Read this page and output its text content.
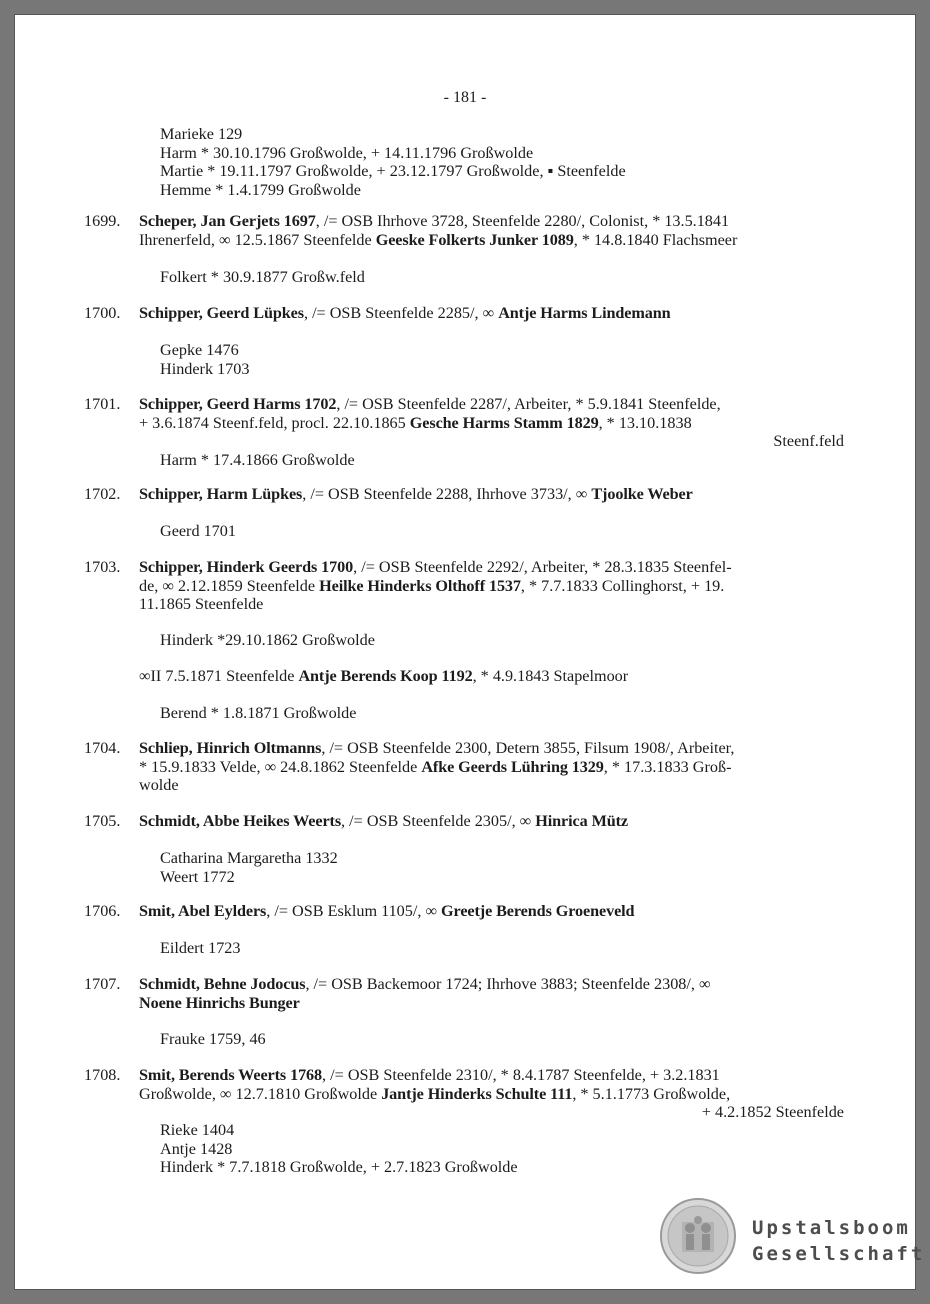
- 181 -
Marieke 129
Harm * 30.10.1796 Großwolde, + 14.11.1796 Großwolde
Martie * 19.11.1797 Großwolde, + 23.12.1797 Großwolde, ▪ Steenfelde
Hemme * 1.4.1799 Großwolde
1699. Scheper, Jan Gerjets 1697, /= OSB Ihrhove 3728, Steenfelde 2280/, Colonist, * 13.5.1841
Ihrenerfeld, ∞ 12.5.1867 Steenfelde Geeske Folkerts Junker 1089, * 14.8.1840 Flachsmeer
Folkert * 30.9.1877 Großw.feld
1700. Schipper, Geerd Lüpkes, /= OSB Steenfelde 2285/, ∞ Antje Harms Lindemann
Gepke 1476
Hinderk 1703
1701. Schipper, Geerd Harms 1702, /= OSB Steenfelde 2287/, Arbeiter, * 5.9.1841 Steenfelde,
+ 3.6.1874 Steenf.feld, procl. 22.10.1865 Gesche Harms Stamm 1829, * 13.10.1838
Steenf.feld
Harm * 17.4.1866 Großwolde
1702. Schipper, Harm Lüpkes, /= OSB Steenfelde 2288, Ihrhove 3733/, ∞ Tjoolke Weber
Geerd 1701
1703. Schipper, Hinderk Geerds 1700, /= OSB Steenfelde 2292/, Arbeiter, * 28.3.1835 Steenfel-
de, ∞ 2.12.1859 Steenfelde Heilke Hinderks Olthoff 1537, * 7.7.1833 Collinghorst, + 19.
11.1865 Steenfelde
Hinderk *29.10.1862 Großwolde
∞II 7.5.1871 Steenfelde Antje Berends Koop 1192, * 4.9.1843 Stapelmoor
Berend * 1.8.1871 Großwolde
1704. Schliep, Hinrich Oltmanns, /= OSB Steenfelde 2300, Detern 3855, Filsum 1908/, Arbeiter,
* 15.9.1833 Velde, ∞ 24.8.1862 Steenfelde Afke Geerds Lühring 1329, * 17.3.1833 Groß-
wolde
1705. Schmidt, Abbe Heikes Weerts, /= OSB Steenfelde 2305/, ∞ Hinrica Mütz
Catharina Margaretha 1332
Weert 1772
1706. Smit, Abel Eylders, /= OSB Esklum 1105/, ∞ Greetje Berends Groeneveld
Eildert 1723
1707. Schmidt, Behne Jodocus, /= OSB Backemoor 1724; Ihrhove 3883; Steenfelde 2308/, ∞
Noene Hinrichs Bunger
Frauke 1759, 46
1708. Smit, Berends Weerts 1768, /= OSB Steenfelde 2310/, * 8.4.1787 Steenfelde, + 3.2.1831
Großwolde, ∞ 12.7.1810 Großwolde Jantje Hinderks Schulte 111, * 5.1.1773 Großwolde,
+ 4.2.1852 Steenfelde
Rieke 1404
Antje 1428
Hinderk * 7.7.1818 Großwolde, + 2.7.1823 Großwolde
Upstalsboom
Gesellschaft
